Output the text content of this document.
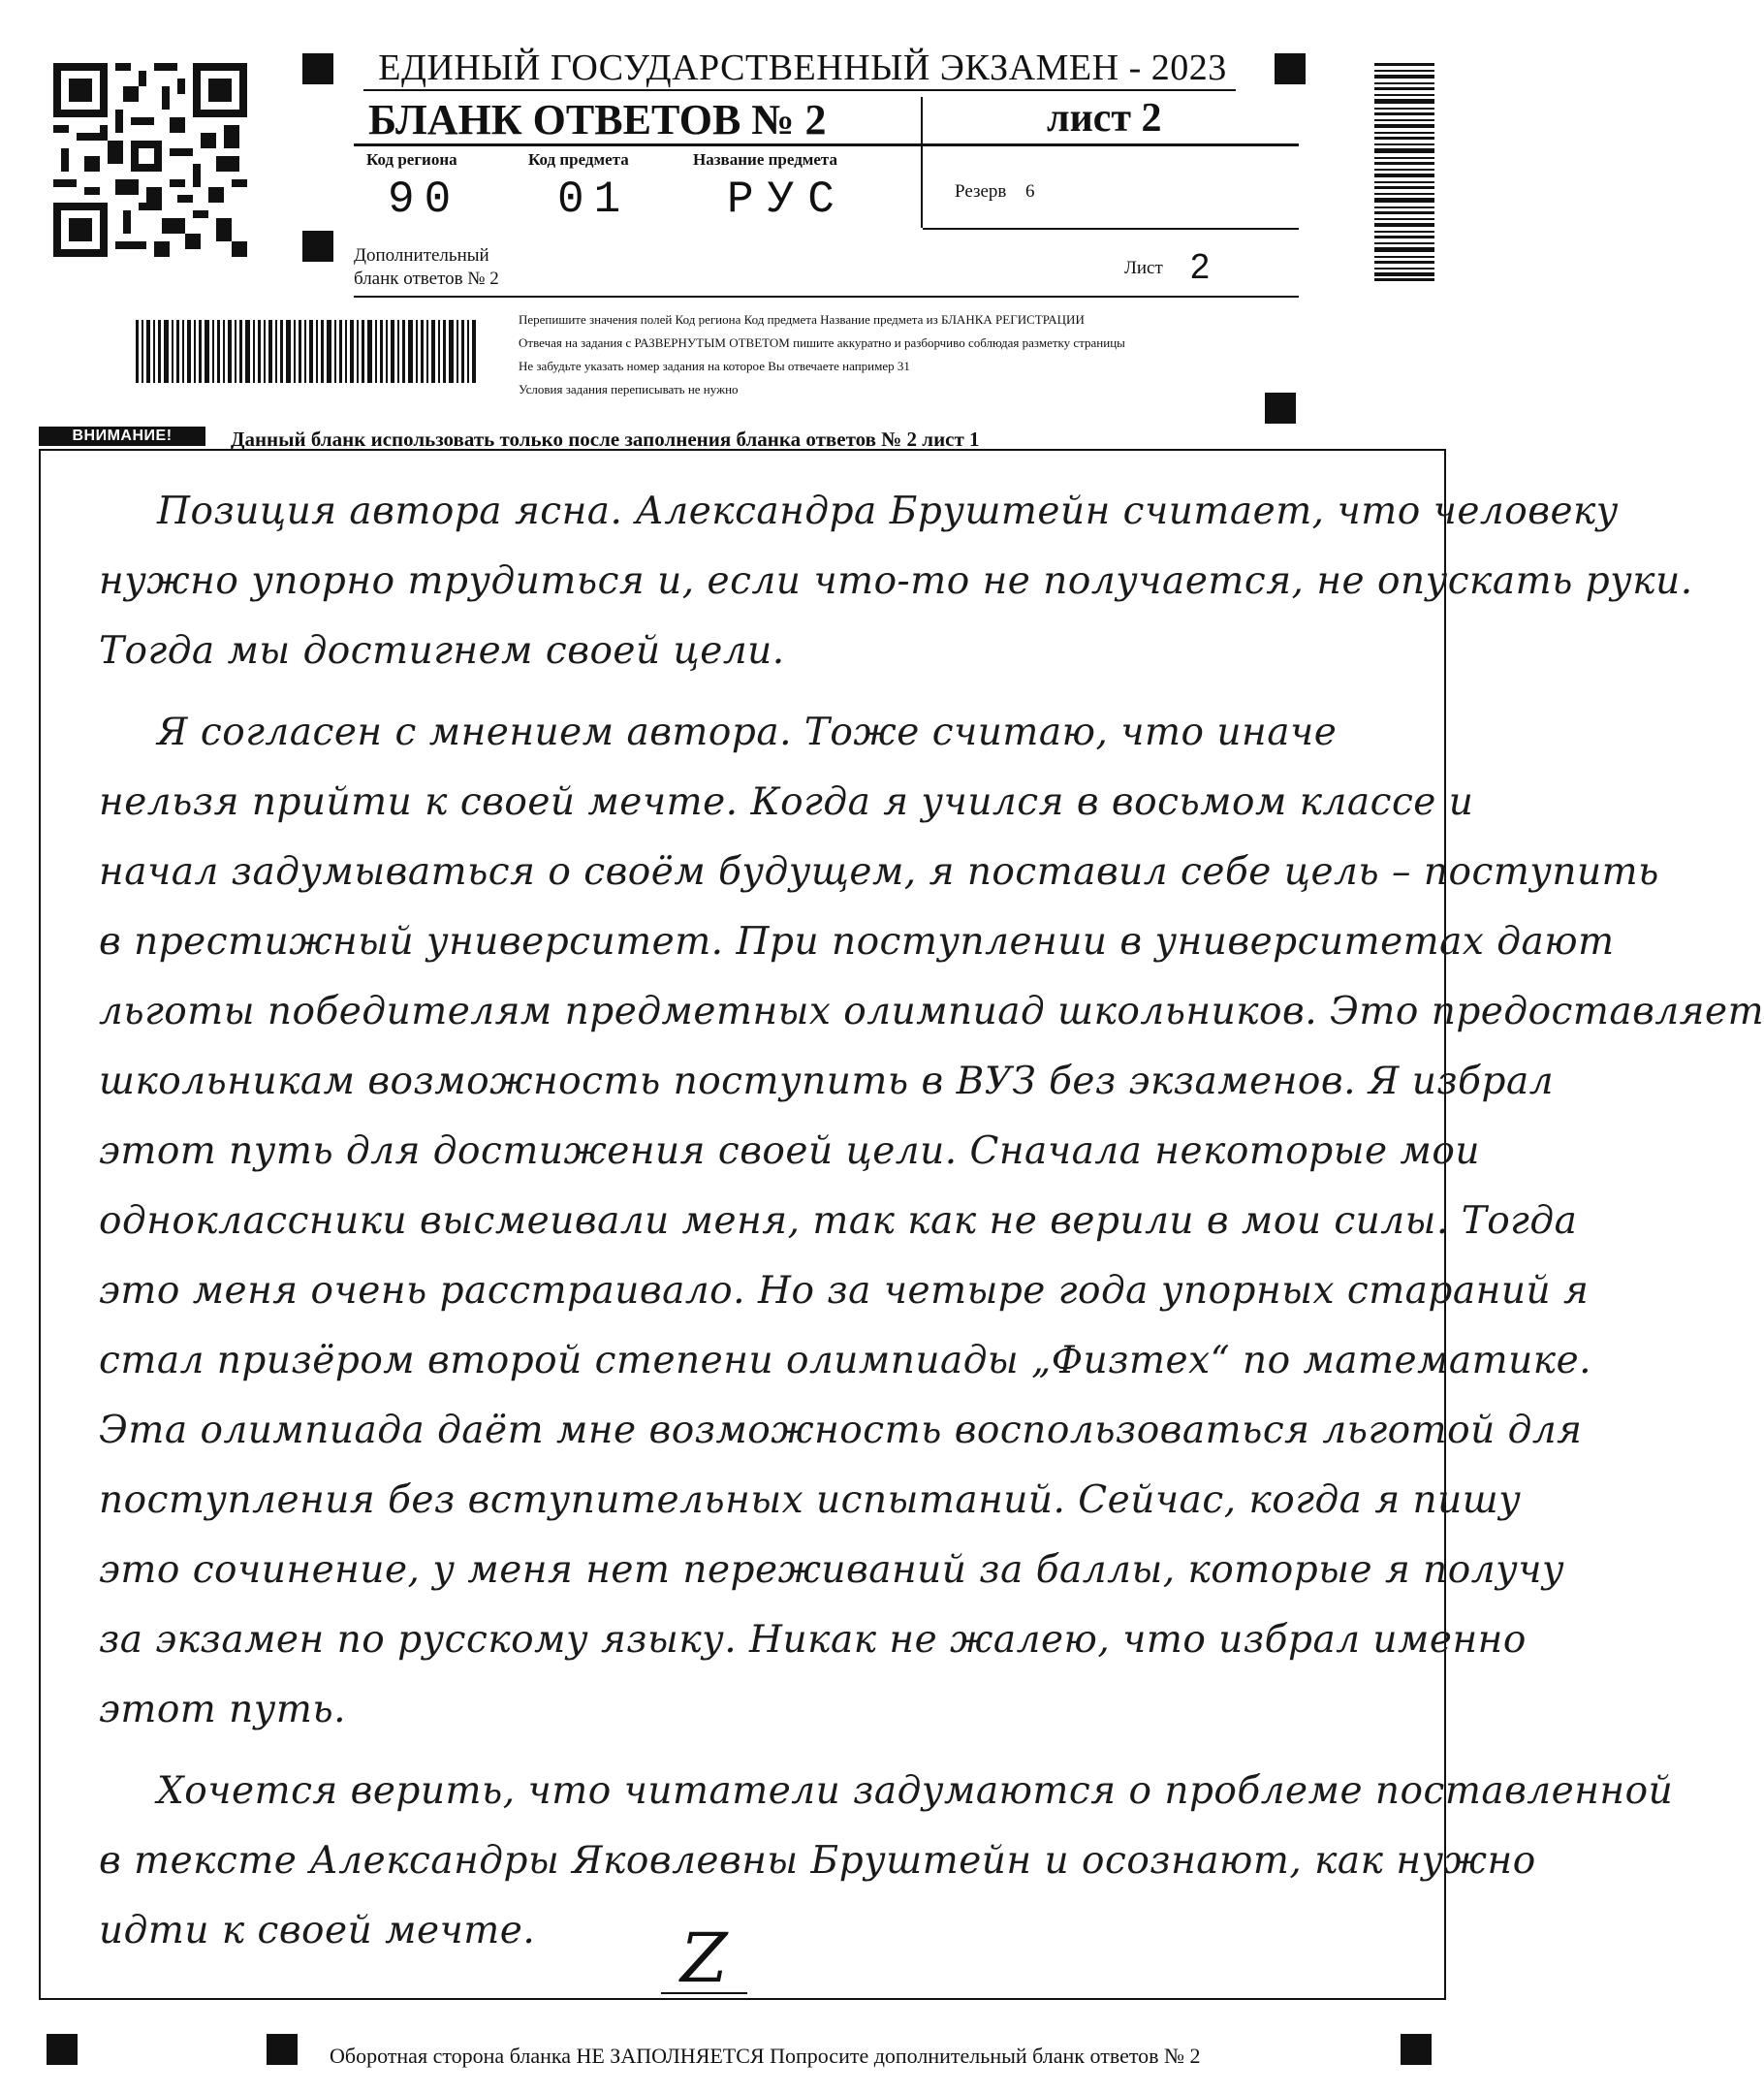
ЕДИНЫЙ ГОСУДАРСТВЕННЫЙ ЭКЗАМЕН - 2023
БЛАНК ОТВЕТОВ № 2	лист 2
Код региона
90
Код предмета
01
Название предмета
РУС	Резерв 6
Дополнительный
бланк ответов № 2
Лист 2
Перепишите значения полей Код региона Код предмета Название предмета из БЛАНКА РЕГИСТРАЦИИ
Отвечая на задания с РАЗВЕРНУТЫМ ОТВЕТОМ пишите аккуратно и разборчиво соблюдая разметку страницы
Не забудьте указать номер задания на которое Вы отвечаете например 31
Условия задания переписывать не нужно
ВНИМАНИЕ!	Данный бланк использовать только после заполнения бланка ответов № 2 лист 1
Позиция автора ясна. Александра Бруштейн считает, что человеку
нужно упорно трудиться и, если что-то не получается, не опускать руки.
Тогда мы достигнем своей цели.
Я согласен с мнением автора. Тоже считаю, что иначе
нельзя прийти к своей мечте. Когда я учился в восьмом классе и
начал задумываться о своём будущем, я поставил себе цель – поступить
в престижный университет. При поступлении в университетах дают
льготы победителям предметных олимпиад школьников. Это предоставляет
школьникам возможность поступить в ВУЗ без экзаменов. Я избрал
этот путь для достижения своей цели. Сначала некоторые мои
одноклассники высмеивали меня, так как не верили в мои силы. Тогда
это меня очень расстраивало. Но за четыре года упорных стараний я
стал призёром второй степени олимпиады „Физтех“ по математике.
Эта олимпиада даёт мне возможность воспользоваться льготой для
поступления без вступительных испытаний. Сейчас, когда я пишу
это сочинение, у меня нет переживаний за баллы, которые я получу
за экзамен по русскому языку. Никак не жалею, что избрал именно
этот путь.
Хочется верить, что читатели задумаются о проблеме поставленной
в тексте Александры Яковлевны Бруштейн и осознают, как нужно
идти к своей мечте. Z
Оборотная сторона бланка НЕ ЗАПОЛНЯЕТСЯ Попросите дополнительный бланк ответов № 2
